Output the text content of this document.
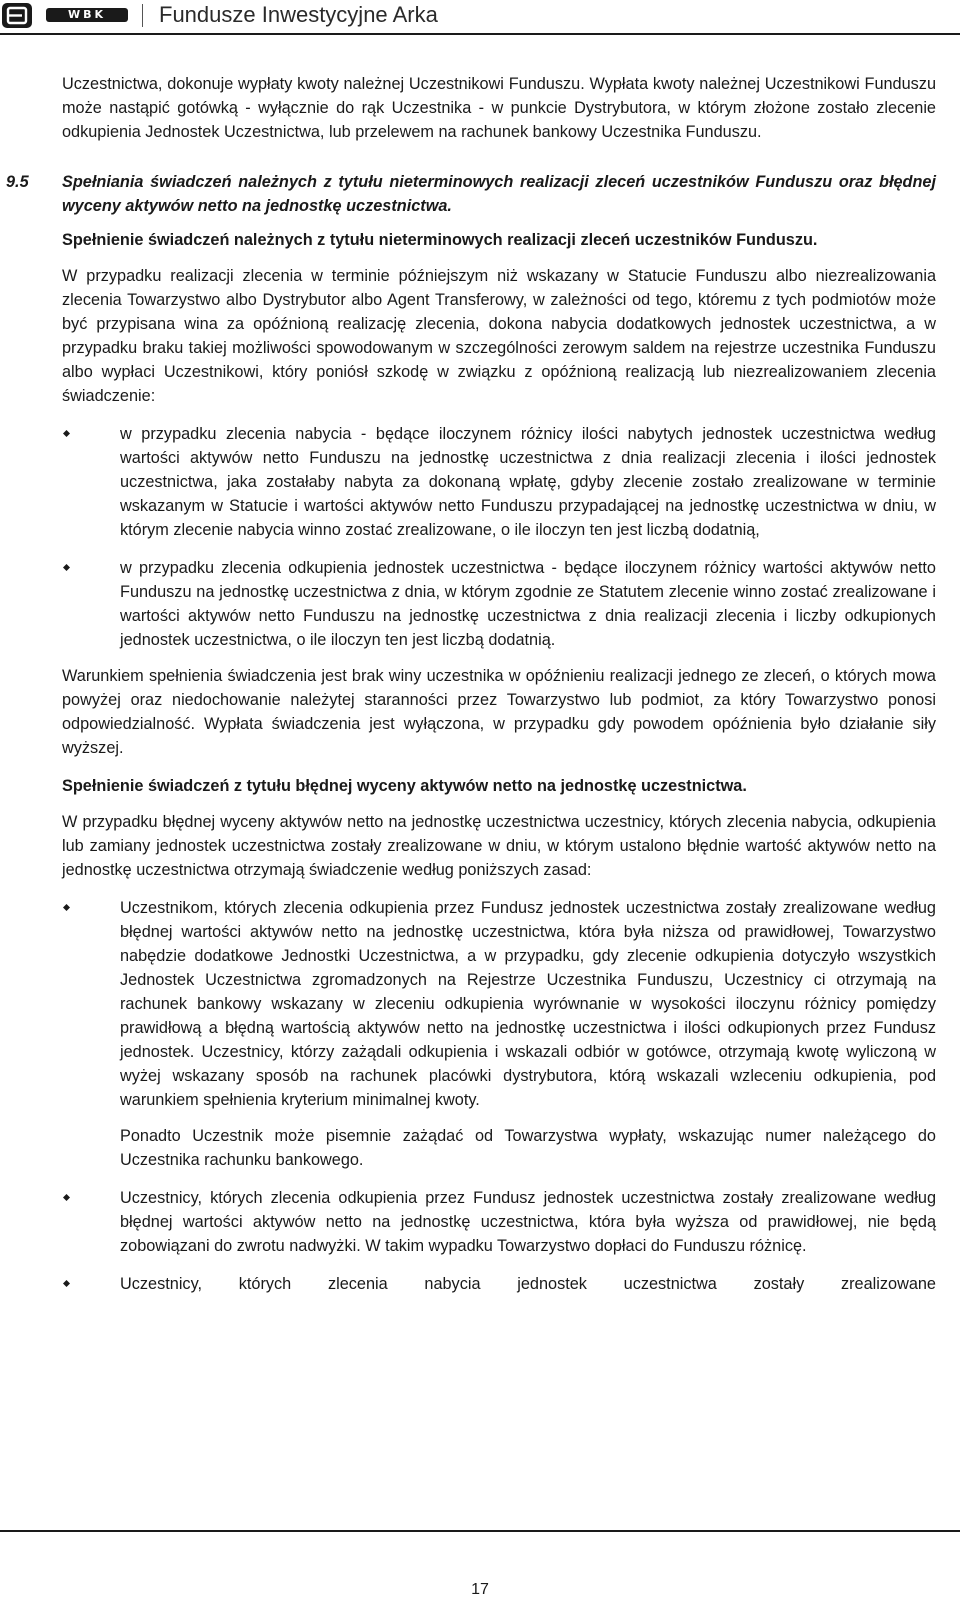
WBK	Fundusze Inwestycyjne Arka

Uczestnictwa, dokonuje wypłaty kwoty należnej Uczestnikowi Funduszu. Wypłata kwoty należnej Uczestnikowi Funduszu może nastąpić gotówką - wyłącznie do rąk Uczestnika - w punkcie Dystrybutora, w którym złożone zostało zlecenie odkupienia Jednostek Uczestnictwa, lub przelewem na rachunek bankowy Uczestnika Funduszu.

9.5 Spełniania świadczeń należnych z tytułu nieterminowych realizacji zleceń uczestników Funduszu oraz błędnej wyceny aktywów netto na jednostkę uczestnictwa.

Spełnienie świadczeń należnych z tytułu nieterminowych realizacji zleceń uczestników Funduszu.

W przypadku realizacji zlecenia w terminie późniejszym niż wskazany w Statucie Funduszu albo niezrealizowania zlecenia Towarzystwo albo Dystrybutor albo Agent Transferowy, w zależności od tego, któremu z tych podmiotów może być przypisana wina za opóźnioną realizację zlecenia, dokona nabycia dodatkowych jednostek uczestnictwa, a w przypadku braku takiej możliwości spowodowanym w szczególności zerowym saldem na rejestrze uczestnika Funduszu albo wypłaci Uczestnikowi, który poniósł szkodę w związku z opóźnioną realizacją lub niezrealizowaniem zlecenia świadczenie:

w przypadku zlecenia nabycia - będące iloczynem różnicy ilości nabytych jednostek uczestnictwa według wartości aktywów netto Funduszu na jednostkę uczestnictwa z dnia realizacji zlecenia i ilości jednostek uczestnictwa, jaka zostałaby nabyta za dokonaną wpłatę, gdyby zlecenie zostało zrealizowane w terminie wskazanym w Statucie i wartości aktywów netto Funduszu przypadającej na jednostkę uczestnictwa w dniu, w którym zlecenie nabycia winno zostać zrealizowane, o ile iloczyn ten jest liczbą dodatnią,
w przypadku zlecenia odkupienia jednostek uczestnictwa - będące iloczynem różnicy wartości aktywów netto Funduszu na jednostkę uczestnictwa z dnia, w którym zgodnie ze Statutem zlecenie winno zostać zrealizowane i wartości aktywów netto Funduszu na jednostkę uczestnictwa z dnia realizacji zlecenia i liczby odkupionych jednostek uczestnictwa, o ile iloczyn ten jest liczbą dodatnią.

Warunkiem spełnienia świadczenia jest brak winy uczestnika w opóźnieniu realizacji jednego ze zleceń, o których mowa powyżej oraz niedochowanie należytej staranności przez Towarzystwo lub podmiot, za który Towarzystwo ponosi odpowiedzialność. Wypłata świadczenia jest wyłączona, w przypadku gdy powodem opóźnienia było działanie siły wyższej.

Spełnienie świadczeń z tytułu błędnej wyceny aktywów netto na jednostkę uczestnictwa.

W przypadku błędnej wyceny aktywów netto na jednostkę uczestnictwa uczestnicy, których zlecenia nabycia, odkupienia lub zamiany jednostek uczestnictwa zostały zrealizowane w dniu, w którym ustalono błędnie wartość aktywów netto na jednostkę uczestnictwa otrzymają świadczenie według poniższych zasad:

Uczestnikom, których zlecenia odkupienia przez Fundusz jednostek uczestnictwa zostały zrealizowane według błędnej wartości aktywów netto na jednostkę uczestnictwa, która była niższa od prawidłowej, Towarzystwo nabędzie dodatkowe Jednostki Uczestnictwa, a w przypadku, gdy zlecenie odkupienia dotyczyło wszystkich Jednostek Uczestnictwa zgromadzonych na Rejestrze Uczestnika Funduszu, Uczestnicy ci otrzymają na rachunek bankowy wskazany w zleceniu odkupienia wyrównanie w wysokości iloczynu różnicy pomiędzy prawidłową a błędną wartością aktywów netto na jednostkę uczestnictwa i ilości odkupionych przez Fundusz jednostek. Uczestnicy, którzy zażądali odkupienia i wskazali odbiór w gotówce, otrzymają kwotę wyliczoną w wyżej wskazany sposób na rachunek placówki dystrybutora, którą wskazali wzleceniu odkupienia, pod warunkiem spełnienia kryterium minimalnej kwoty.

Ponadto Uczestnik może pisemnie zażądać od Towarzystwa wypłaty, wskazując numer należącego do Uczestnika rachunku bankowego.

Uczestnicy, których zlecenia odkupienia przez Fundusz jednostek uczestnictwa zostały zrealizowane według błędnej wartości aktywów netto na jednostkę uczestnictwa, która była wyższa od prawidłowej, nie będą zobowiązani do zwrotu nadwyżki. W takim wypadku Towarzystwo dopłaci do Funduszu różnicę.
Uczestnicy, których zlecenia nabycia jednostek uczestnictwa zostały zrealizowane
17
